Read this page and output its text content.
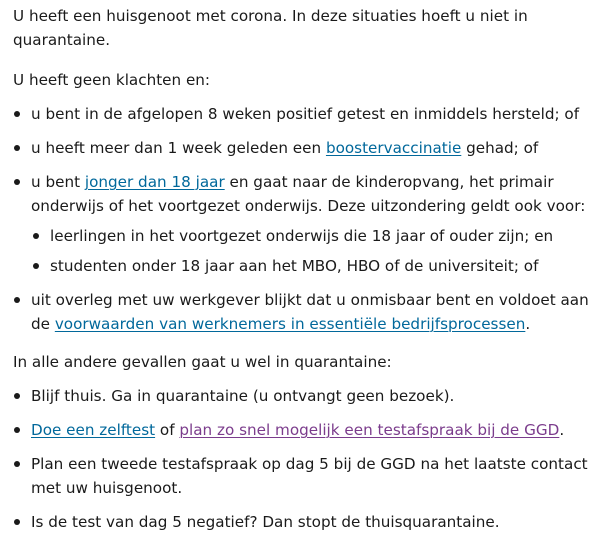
U heeft een huisgenoot met corona. In deze situaties hoeft u niet in quarantaine.

U heeft geen klachten en:

u bent in de afgelopen 8 weken positief getest en inmiddels hersteld; of
u heeft meer dan 1 week geleden een boostervaccinatie gehad; of
u bent jonger dan 18 jaar en gaat naar de kinderopvang, het primair onderwijs of het voortgezet onderwijs. Deze uitzondering geldt ook voor:
leerlingen in het voortgezet onderwijs die 18 jaar of ouder zijn; en
studenten onder 18 jaar aan het MBO, HBO of de universiteit; of
uit overleg met uw werkgever blijkt dat u onmisbaar bent en voldoet aan de voorwaarden van werknemers in essentiële bedrijfsprocessen.

In alle andere gevallen gaat u wel in quarantaine:

Blijf thuis. Ga in quarantaine (u ontvangt geen bezoek).
Doe een zelftest of plan zo snel mogelijk een testafspraak bij de GGD.
Plan een tweede testafspraak op dag 5 bij de GGD na het laatste contact met uw huisgenoot.
Is de test van dag 5 negatief? Dan stopt de thuisquarantaine.
